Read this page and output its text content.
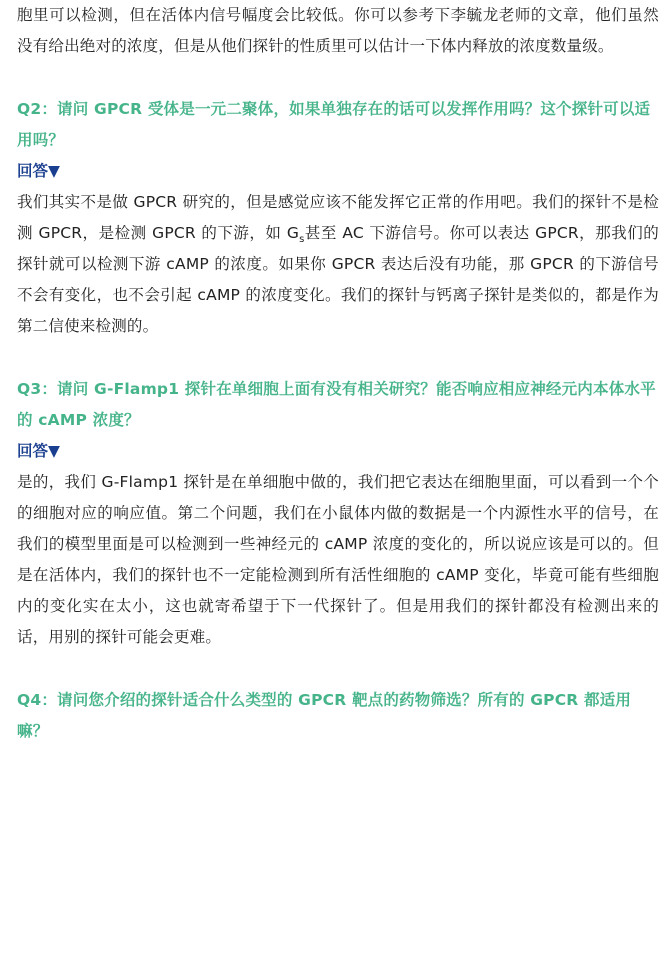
胞里可以检测，但在活体内信号幅度会比较低。你可以参考下李毓龙老师的文章，他们虽然没有给出绝对的浓度，但是从他们探针的性质里可以估计一下体内释放的浓度数量级。

Q2：请问 GPCR 受体是一元二聚体，如果单独存在的话可以发挥作用吗？这个探针可以适用吗？

回答▼

我们其实不是做 GPCR 研究的，但是感觉应该不能发挥它正常的作用吧。我们的探针不是检测 GPCR，是检测 GPCR 的下游，如 $G_s$甚至 AC 下游信号。你可以表达 GPCR，那我们的探针就可以检测下游 cAMP 的浓度。如果你 GPCR 表达后没有功能，那 GPCR 的下游信号不会有变化，也不会引起 cAMP 的浓度变化。我们的探针与钙离子探针是类似的，都是作为第二信使来检测的。

Q3：请问 G-Flamp1 探针在单细胞上面有没有相关研究？能否响应相应神经元内本体水平的 cAMP 浓度？

回答▼

是的，我们 G-Flamp1 探针是在单细胞中做的，我们把它表达在细胞里面，可以看到一个个的细胞对应的响应值。第二个问题，我们在小鼠体内做的数据是一个内源性水平的信号，在我们的模型里面是可以检测到一些神经元的 cAMP 浓度的变化的，所以说应该是可以的。但是在活体内，我们的探针也不一定能检测到所有活性细胞的 cAMP 变化，毕竟可能有些细胞内的变化实在太小，这也就寄希望于下一代探针了。但是用我们的探针都没有检测出来的话，用别的探针可能会更难。

Q4：请问您介绍的探针适合什么类型的 GPCR 靶点的药物筛选？所有的 GPCR 都适用嘛？
